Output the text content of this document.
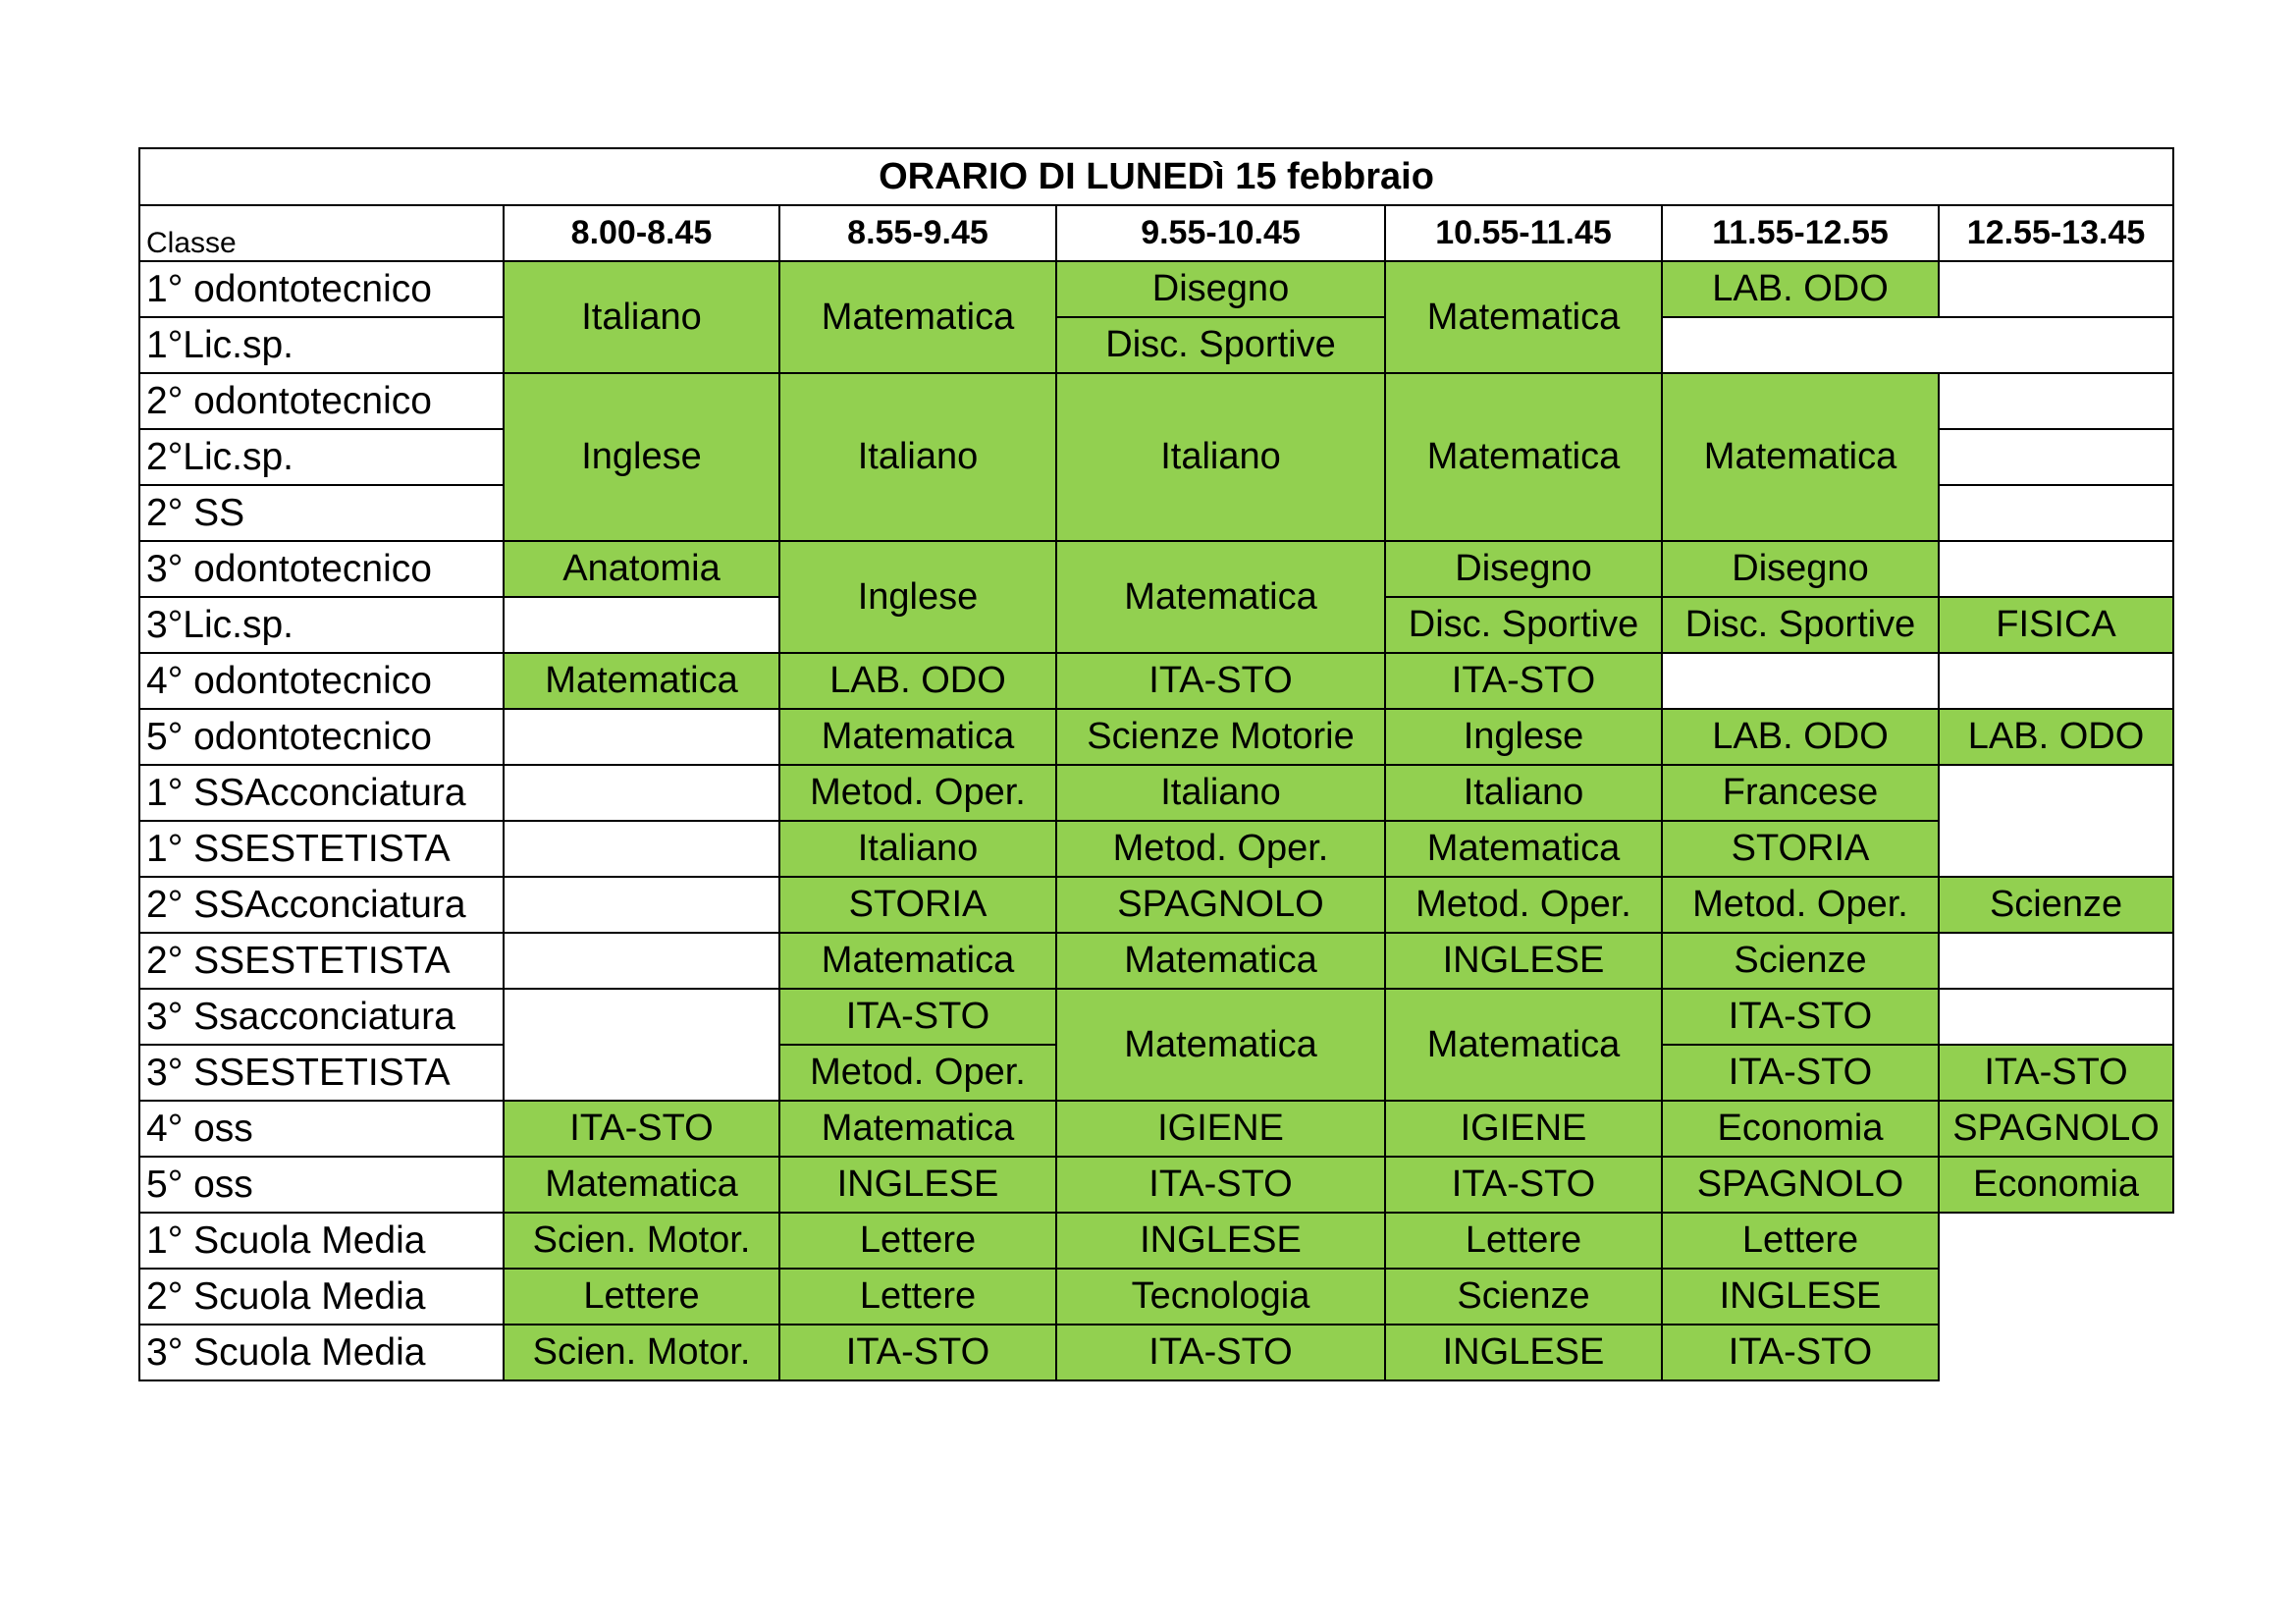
ORARIO DI LUNEDì 15 febbraio						
Classe	8.00-8.45	8.55-9.45	9.55-10.45	10.55-11.45	11.55-12.55	12.55-13.45
1° odontotecnico	Italiano	Matematica	Disegno	Matematica	LAB. ODO	
1°Lic.sp.			Disc. Sportive			
2° odontotecnico	Inglese	Italiano	Italiano	Matematica	Matematica	
2°Lic.sp.						
2° SS						
3° odontotecnico	Anatomia	Inglese	Matematica	Disegno	Disegno	
3°Lic.sp.				Disc. Sportive	Disc. Sportive	FISICA
4° odontotecnico	Matematica	LAB. ODO	ITA-STO	ITA-STO		
5° odontotecnico		Matematica	Scienze Motorie	Inglese	LAB. ODO	LAB. ODO
1° SSAcconciatura		Metod. Oper.	Italiano	Italiano	Francese	
1° SSESTETISTA		Italiano	Metod. Oper.	Matematica	STORIA	
2° SSAcconciatura		STORIA	SPAGNOLO	Metod. Oper.	Metod. Oper.	Scienze
2° SSESTETISTA		Matematica	Matematica	INGLESE	Scienze	
3° Ssacconciatura		ITA-STO	Matematica	Matematica	ITA-STO	
3° SSESTETISTA		Metod. Oper.			ITA-STO	ITA-STO
4° oss	ITA-STO	Matematica	IGIENE	IGIENE	Economia	SPAGNOLO
5° oss	Matematica	INGLESE	ITA-STO	ITA-STO	SPAGNOLO	Economia
1° Scuola Media	Scien. Motor.	Lettere	INGLESE	Lettere	Lettere	
2° Scuola Media	Lettere	Lettere	Tecnologia	Scienze	INGLESE	
3° Scuola Media	Scien. Motor.	ITA-STO	ITA-STO	INGLESE	ITA-STO	
